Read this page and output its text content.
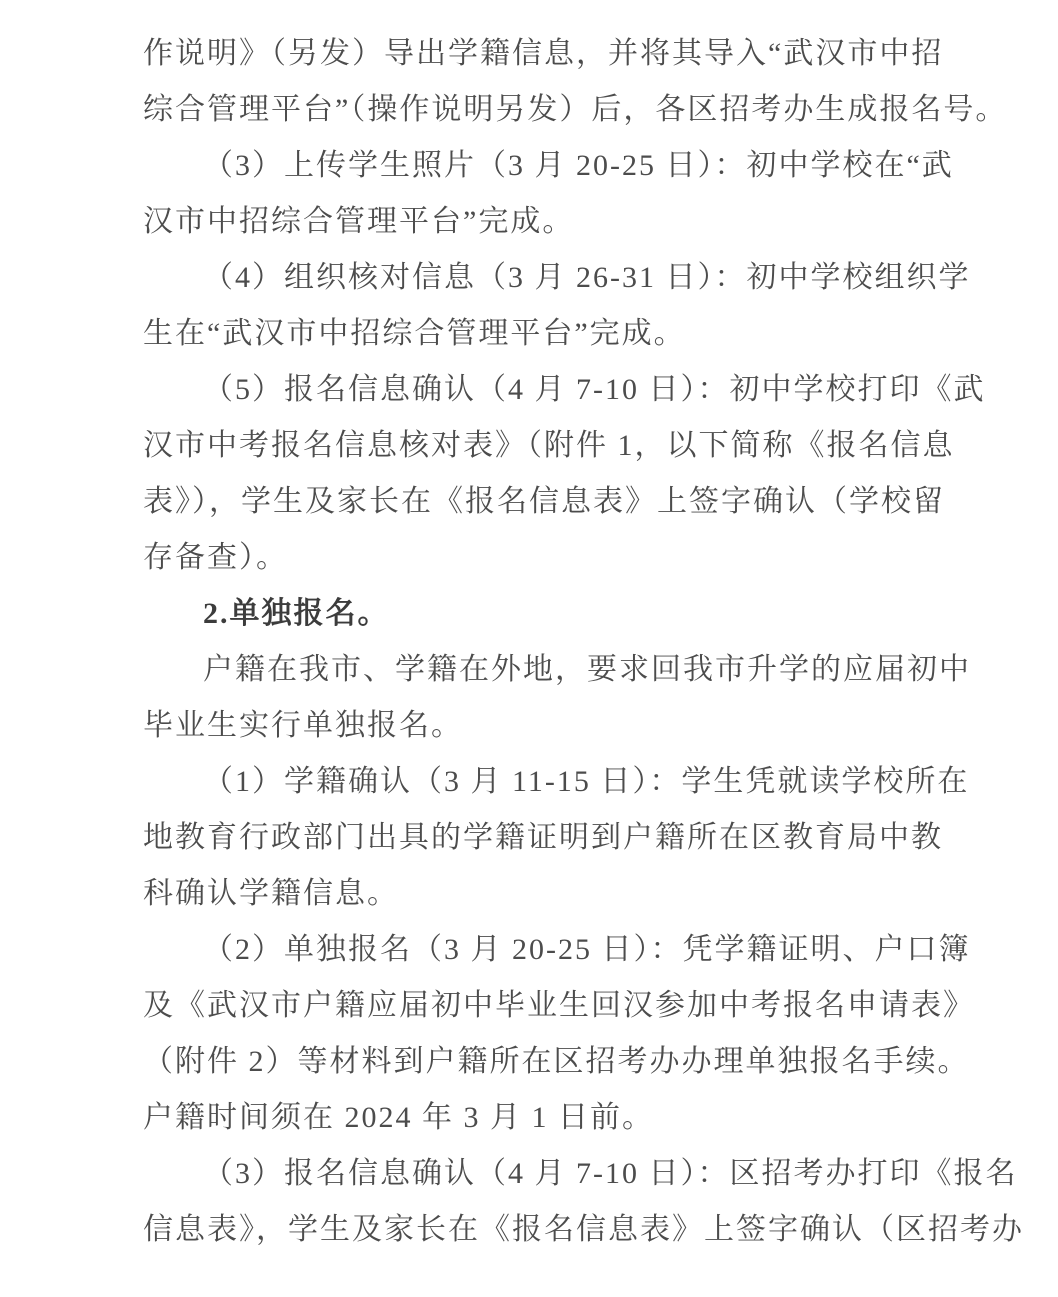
作说明》（另发）导出学籍信息，并将其导入“武汉市中招
综合管理平台”（操作说明另发）后，各区招考办生成报名号。
（3）上传学生照片（3 月 20-25 日）：初中学校在“武
汉市中招综合管理平台”完成。
（4）组织核对信息（3 月 26-31 日）：初中学校组织学
生在“武汉市中招综合管理平台”完成。
（5）报名信息确认（4 月 7-10 日）：初中学校打印《武
汉市中考报名信息核对表》（附件 1，以下简称《报名信息
表》），学生及家长在《报名信息表》上签字确认（学校留
存备查）。
2.单独报名。
户籍在我市、学籍在外地，要求回我市升学的应届初中
毕业生实行单独报名。
（1）学籍确认（3 月 11-15 日）：学生凭就读学校所在
地教育行政部门出具的学籍证明到户籍所在区教育局中教
科确认学籍信息。
（2）单独报名（3 月 20-25 日）：凭学籍证明、户口簿
及《武汉市户籍应届初中毕业生回汉参加中考报名申请表》
（附件 2）等材料到户籍所在区招考办办理单独报名手续。
户籍时间须在 2024 年 3 月 1 日前。
（3）报名信息确认（4 月 7-10 日）：区招考办打印《报名
信息表》，学生及家长在《报名信息表》上签字确认（区招考办
